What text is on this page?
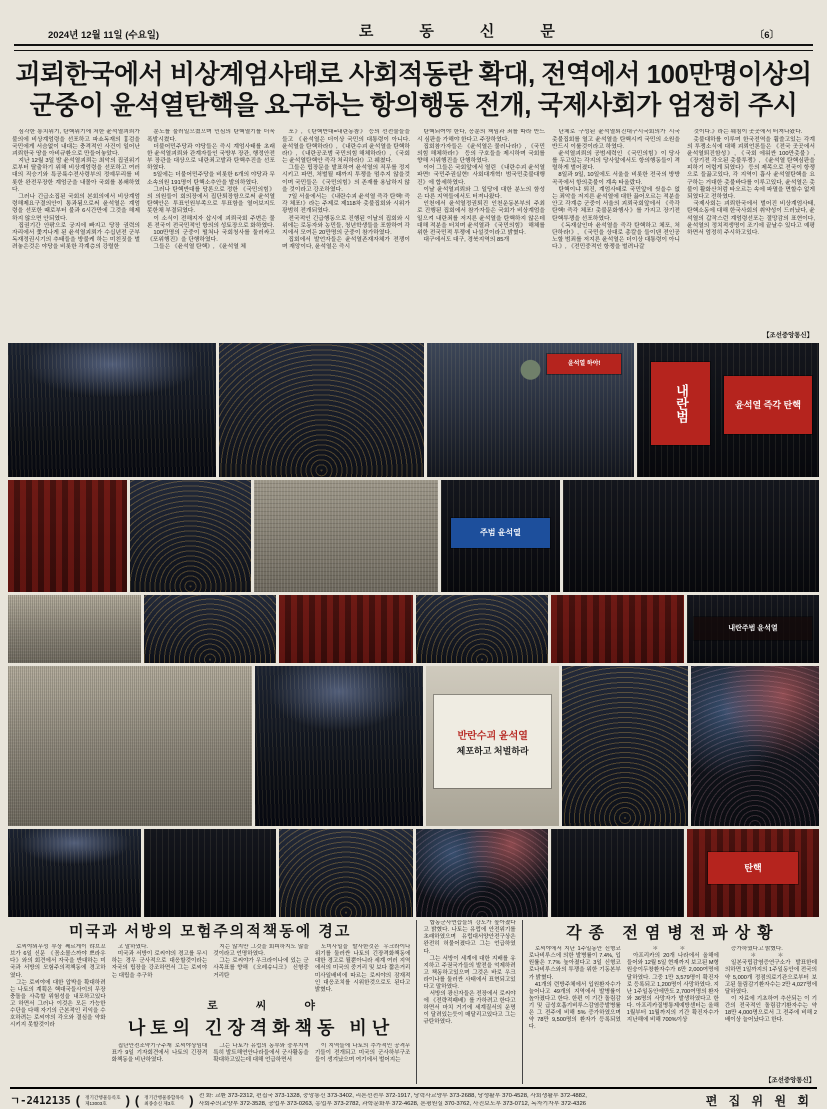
2024년 12월 11일 (수요일)	로동신문	〔6〕
괴뢰한국에서 비상계엄사태로 사회적동란 확대, 전역에서 100만명이상의
군중이 윤석열탄핵을 요구하는 항의행동 전개, 국제사회가 엄정히 주시

심각한 통치위기, 탄핵위기에 처한 윤석열괴뢰가 불의에 비상계엄령을 선포하고 파쇼독재의 흉검을 국민에게 서슴없이 내대는 충격적인 사건이 일어난 괴뢰한국 땅을 아비규환으로 만들어놓았다.

지난 12월 3일 밤 윤석열괴뢰는 최악의 집권위기로부터 탈출하기 위해 비상계엄령을 선포하고 여러대의 직승기와 특공륙수전사령부의 정예무리를 비롯한 완전무장한 계엄군을 내몰아 국회를 봉쇄하였다.

그러나 긴급소집된 국회의 본회의에서 비상계엄령해제요구결의안이 통과됨으로써 윤석열은 계엄령을 선포한 때로부터 불과 6시간만에 그것을 해제하지 않으면 안되였다.

집권기간 안팎으로 궁지에 빠지고 당장 권력의 자리에서 쫓겨나게 된 윤석열괴뢰가 수십년전 군부독재정권시기의 추태들을 방불케 하는 미친짓을 벌려놓은것은 야당을 비롯한 각계층의 강렬한

분노를 불러일으켰으며 민심의 탄핵열기를 더욱 폭발시켰다.

더불어민주당과 야당들은 즉시 계엄사태를 초래한 윤석열괴뢰와 관계자들인 국방부 장관, 행정안전부 장관을 대상으로 내란죄고발과 탄핵추진을 선포하였다.

5일에는 더불어민주당을 비롯한 6개의 야당과 무소속의원 191명이 탄핵소추안을 발의하였다.

그러나 탄핵반대를 당론으로 정한 《국민의힘》의 의원들이 회의장에서 집단퇴장함으로써 윤석열탄핵안은 투표인원부족으로 투표함을 열어보지도 못한채 부결되였다.

이 소식이 전해지자 삽시에 괴뢰국회 주변은 물론 전국이 전국민적인 항의의 성토장으로 화하였다.

100만명의 군중이 떨쳐나 국회청사를 둘러싸고 《포위행진》을 단행하였다.

그들은 《윤석열 탄핵》, 《윤석열 체

포》, 《탄핵반대=내란동참》 등의 선전물들을 들고 《윤석열은 더이상 국민의 대통령이 아니다. 윤석열을 탄핵하라!》, 《내란수괴 윤석열을 탄핵하라!》, 《내란공조범 국민의힘 해체하라!》, 《국회는 윤석열탄핵안 즉각 처리하라!》고 웨쳤다.

그들은 립장문을 발표하여 윤석열의 직무를 정지시키고 파면, 처벌될 때까지 투쟁을 멈추지 않을것이며 국민들은 《국민의힘》의 존재를 용납하지 않을 것이라고 강조하였다.

7일 서울에서는 《내란수괴 윤석열 즉각 탄핵! 즉각 체포!》라는 주제로 제118차 촛불집회와 시위가 광범히 전개되였다.

전국적인 긴급행동으로 진행된 이날의 집회와 시위에는 로동자와 농민들, 청년학생들을 포함하여 각지에서 모여든 20만명의 군중이 참가하였다.

집회에서 발언자들은 윤석열존재자체가 전쟁이며 재앙이다, 윤석열은 즉시

탄핵되여야 한다, 응분의 책임과 죄를 따라 반드시 심판을 가해야 한다고 주장하였다.

집회참가자들은 《윤석열은 물러나라!》, 《국민의힘 해체하라!》 등의 구호들을 제시하며 국회를 향해 시위행진을 단행하였다.

이어 그들은 국회앞에서 열린 《내란수괴 윤석열파면! 국민주권실현! 사회대개혁! 범국민촛불대행진》에 합세하였다.

이날 윤석열괴뢰와 그 일당에 대한 분노의 함성은 다른 지역들에서도 터져나왔다.

인천에서 윤석열정권퇴진 인천운동본부의 주최로 진행된 집회에서 참가자들은 국회가 비상계엄을 일으켜 내란죄를 저지른 윤석열을 탄핵하지 않은데 대해 적분을 터치며 윤석열과 《국민의힘》 해체를 위한 전국민적 투쟁에 나설것이라고 밝혔다.

대구에서도 대구, 경북지역의 85개

단체로 구성된 윤석열퇴진대구시국회의가 시국촛불집회를 열고 윤석열을 탄핵시켜 국민의 소원을 반드시 이룰것이라고 하였다.

윤석열괴뢰의 공범세력인 《국민의힘》이 당사를 두고있는 각지의 당사앞에서도 항의행동들이 격렬하게 벌어졌다.

8일과 9일, 10일에도 서울을 비롯한 전국의 방방곡곡에서 항의촛불이 계속 타올랐다.

탄핵이냐 퇴진, 계엄사태로 국민앞에 씻을수 없는 죄악을 저지른 윤석열에 대한 끓어오르는 적분을 안고 각계층 군중이 서울의 괴뢰국회앞에서 《즉각 탄핵! 즉각 체포! 촛불문화행사》를 가지고 장기전탄핵투쟁을 선포하였다.

《독재살인마 윤석열을 즉각 탄핵하고 체포, 처단하라!》, 《국민을 상대로 총칼을 들이댄 전인공노할 범죄를 저지른 윤석열은 더이상 대통령이 아니다.》, 《전민중적인 항쟁을 벌려나갈

것이다.》라는 웨침이 곳곳에서 터져나왔다.

촛불대하를 이루며 한국전역을 휩쓸고있는 각계의 투쟁소식에 대해 괴뢰언론들은 《전국 곳곳에서 윤석열퇴진함성》, 《국회 에워싼 100만촛불》, 《장기전 각오된 촛불투쟁》, 《윤석열 탄핵심판을 피하기 어렵게 되였다》 등의 제목으로 전국이 항쟁으로 들끓고있다, 각 지역이 흡사 윤석열탄핵을 요구하는 거대한 촛불바다를 이루고있다, 윤석열은 촛불이 활화산처럼 타오르는 속에 파멸을 면할수 없게 되였다고 전하였다.

국제사회는 괴뢰한국에서 벌어진 비상계엄사태, 탄핵소동에 대해 한국사회의 취약성이 드러났다, 윤석열의 갑작스런 계엄령선포는 절망감의 표현이다, 윤석열의 정치적생명이 조기에 끝날수 있다고 예평하면서 엄정히 주시하고있다.

【조선중앙통신】
윤석열 하야!
내란범	윤석열 즉각 탄핵
주범 윤석열
내란주범 윤석열
반란수괴 윤석열
체포하고 처벌하라
탄핵
미국과 서방의 모험주의적책동에 경고

로씨야외무성 부상 쎄르게이 랴브꼬브가 6일 신문 《꼼소몰스까야 쁘라우다》와의 회견에서 자국을 반대하는 미국과 서방의 모험주의적책동에 경고하였다.

그는 로씨야에 대한 압박을 확대하려는 나토의 계획은 핵대국들사이의 무장충돌을 사촉할 위험성을 내포하고있다고 하면서 그러나 이것은 모든 가능한 수단을 다해 자기의 근본적인 리익을 수호하려는 로씨야의 각오와 결심을 약화시키지 못할것이라

고 말하였다.

미국과 서방이 로씨야의 경고를 무시하는 경우 군사적으로 대응할것이라는 자국의 립장을 강조하면서 그는 로씨야는 대립을 추구하

지는 않지만 그것을 회피하지도 않을것이라고 언명하였다.

그는 로씨야가 우크라이나에 있는 군사목표를 향해 《오레슈니크》 신형중거리탄

도미사일을 발사한것은 우크라이나위기를 둘러싼 나토의 긴장격화책동에 대한 경고로 될뿐아니라 세계 여러 지역에서의 미국의 중거리 및 보다 짧은거리미사일배비에 따르는 로씨야의 잠재적인 대응조치를 시위한것으로도 된다고 밝혔다.

로씨야
나토의 긴장격화책동 비난

집단안전조약기구주재 로씨야상임대표가 9일 기자회견에서 나토의 긴장격화책동을 비난하였다.

그는 나토가 유럽의 동부와 중부지역 특히 발트해연안나라들에서 군사활동을 확대하고있는데 대해 언급하면서

이 지역들에 나토의 추가적인 공격무기들이 전개되고 미국의 군사하부구조들이 생겨났으며 여기에서 벌어지는

합동군사연습들의 강도가 높아졌다고 밝혔다. 나토는 유럽에 안전위기를 초래하였으며 유럽대서양안전구상은 완전히 허물어졌다고 그는 언급하였다.

그는 서방이 세계에 대한 지배를 유지하고 주권국가들의 발전을 억제하려고 책동하고있으며 그것은 바로 우크라이나를 둘러싼 사태에서 표현되고있다고 말하였다.

서방의 광신자들은 전장에서 로씨야에 《전략적패배》를 가하려고 한다고 하면서 마치 거기에 세계질서의 운명이 달려있는듯이 매달리고있다고 그는 규탄하였다.

각종 전염병전파상황

로씨야에서 지난 1주일동안 신형코로나비루스에 의한 발병률이 7.4%, 입원률은 7.7% 높아졌다고 3일 신형코로나비루스와의 투쟁을 위한 기동본부가 밝혔다.

41개의 련방주체에서 입원환자수가 늘어나고 49개의 지역에서 발병률이 높아졌다고 한다. 한편 이 기간 돌림감기 및 급성호흡기비루스감염증발병률은 그 전주에 비해 5% 증가하였으며 약 78만 9,500명의 환자가 등록되였다.

＊　＊

아프리카의 20개 나라에서 올해에 들어와 12월 5일 현재까지 보고된 M형원숭이두창환자수가 6만 2,000여명에 달하였다. 그중 1만 3,579명이 확진자로 등록되고 1,200명이 사망하였다. 지난 1주일동안에만도 2,700여명의 환자와 36명의 사망자가 발생하였다고 한다. 아프리카질병통제예방센터는 올해 1월부터 11월까지의 기간 확진자수가 지난해에 비해 700%이상

증가하였다고 밝혔다.

＊　＊

일본국립감염증연구소가 발표한데 의하면 1일까지의 1주일동안에 전국의 약 5,000개 정점의료기관으로부터 보고된 돌림감기환자수는 2만 4,027명에 달하였다.

이 자료에 기초하여 추산되는 이 기간의 전국적인 돌림감기환자수는 약 18만 4,000명으로서 그 전주에 비해 2배이상 늘어났다고 한다.

【조선중앙통신】
ㄱ-2412135 ( 정기간행물등록호
제13003호	) ( 정기간행물종합목록
최종송신 제3호	) 전 화: 교환 373-2312, 편집국 373-1328, 중앙통신 373-3402, 리론선전부 372-1917, 당력사교양부 373-2688, 당생활부 370-4528, 사회생활부 372-4882,
사회주의교양부 372-3528, 공업부 373-0263, 농업부 373-2782, 과학문화부 372-4628, 론평원실 370-3762, 사진보도부 373-0712, 독자기자부 372-4326	편 집 위 원 회
